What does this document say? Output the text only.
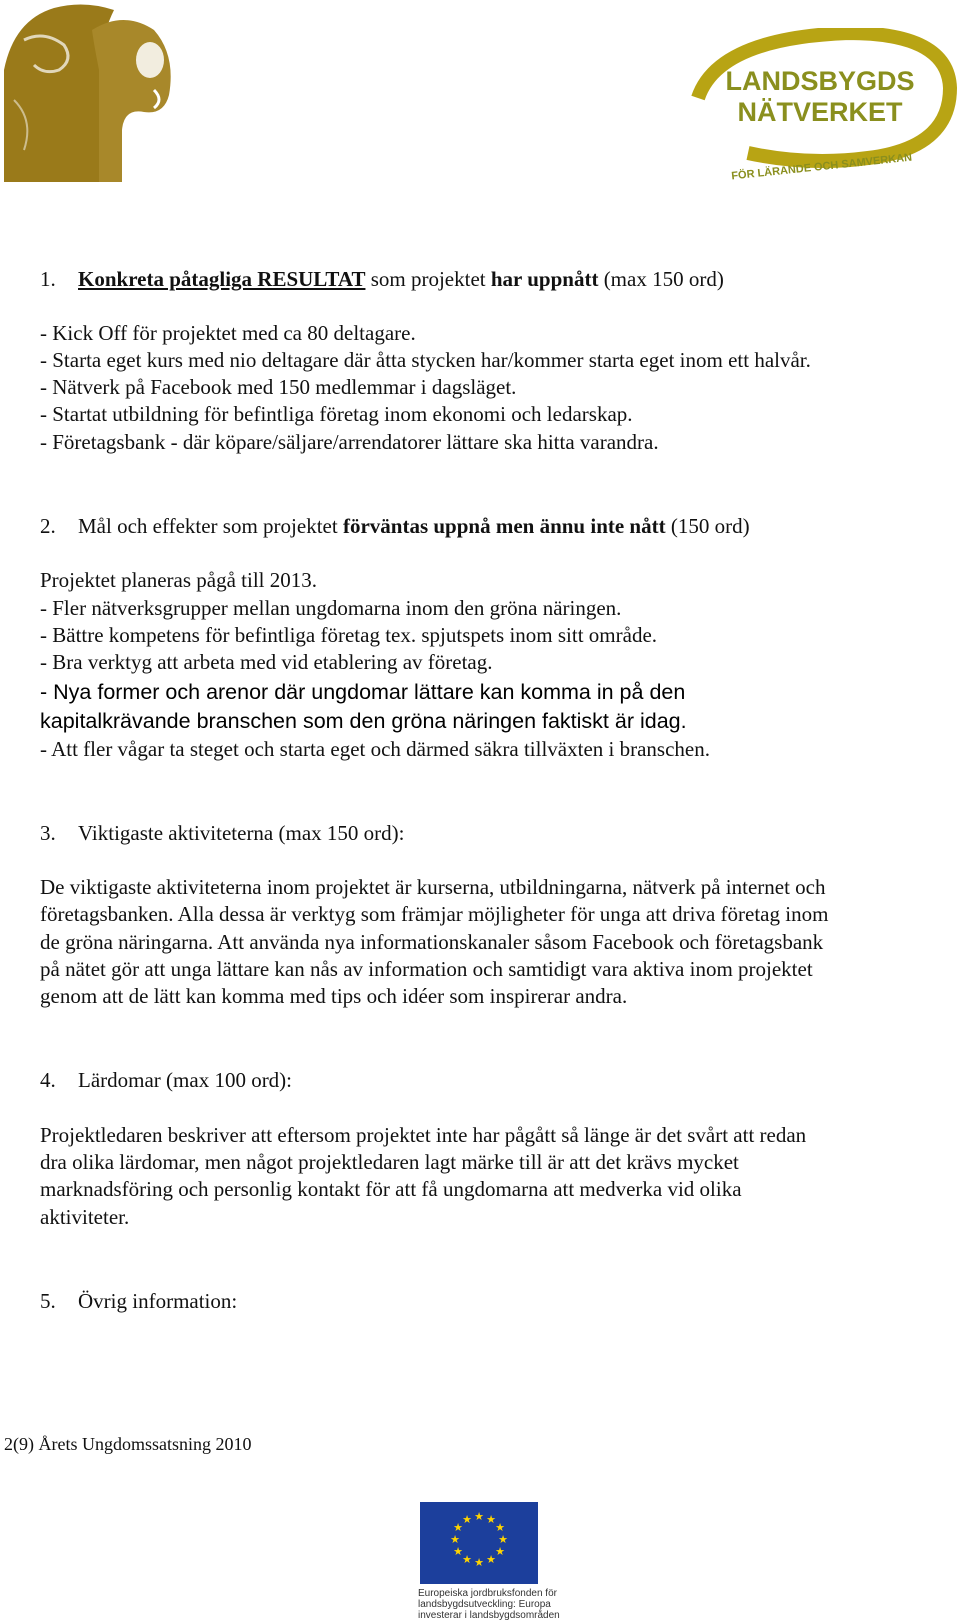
LANDSBYGDS
NÄTVERKET
FÖR LÄRANDE OCH SAMVERKAN
1. Konkreta påtagliga RESULTAT som projektet har uppnått (max 150 ord)
- Kick Off för projektet med ca 80 deltagare.
- Starta eget kurs med nio deltagare där åtta stycken har/kommer starta eget inom ett halvår.
- Nätverk på Facebook med 150 medlemmar i dagsläget.
- Startat utbildning för befintliga företag inom ekonomi och ledarskap.
- Företagsbank - där köpare/säljare/arrendatorer lättare ska hitta varandra.
2. Mål och effekter som projektet förväntas uppnå men ännu inte nått (150 ord)
Projektet planeras pågå till 2013.
- Fler nätverksgrupper mellan ungdomarna inom den gröna näringen.
- Bättre kompetens för befintliga företag tex. spjutspets inom sitt område.
- Bra verktyg att arbeta med vid etablering av företag.
- Nya former och arenor där ungdomar lättare kan komma in på den
kapitalkrävande branschen som den gröna näringen faktiskt är idag.
- Att fler vågar ta steget och starta eget och därmed säkra tillväxten i branschen.
3. Viktigaste aktiviteterna (max 150 ord):
De viktigaste aktiviteterna inom projektet är kurserna, utbildningarna, nätverk på internet och
företagsbanken. Alla dessa är verktyg som främjar möjligheter för unga att driva företag inom
de gröna näringarna. Att använda nya informationskanaler såsom Facebook och företagsbank
på nätet gör att unga lättare kan nås av information och samtidigt vara aktiva inom projektet
genom att de lätt kan komma med tips och idéer som inspirerar andra.
4. Lärdomar (max 100 ord):
Projektledaren beskriver att eftersom projektet inte har pågått så länge är det svårt att redan
dra olika lärdomar, men något projektledaren lagt märke till är att det krävs mycket
marknadsföring och personlig kontakt för att få ungdomarna att medverka vid olika
aktiviteter.
5. Övrig information:
2(9) Årets Ungdomssatsning 2010
★ ★
★
★
★
★
★
★
★
★
★
★
Europeiska jordbruksfonden för
landsbygdsutveckling: Europa
investerar i landsbygdsområden
